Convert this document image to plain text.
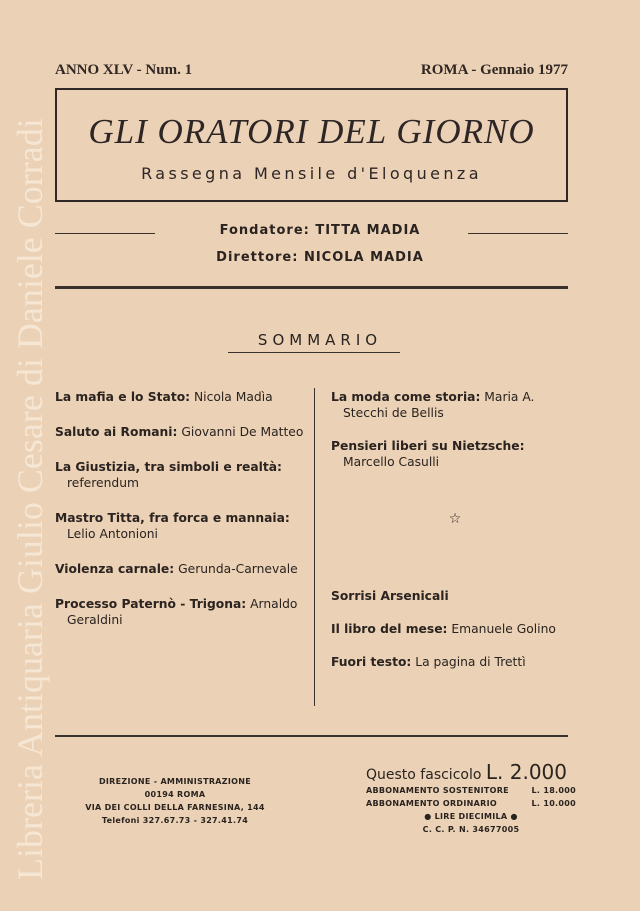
Libreria Antiquaria Giulio Cesare di Daniele Corradi
ANNO XLV - Num. 1	ROMA - Gennaio 1977
GLI ORATORI DEL GIORNO
Rassegna Mensile d'Eloquenza
Fondatore: TITTA MADIA
Direttore: NICOLA MADIA
SOMMARIO
La mafia e lo Stato: Nicola Madìa
Saluto ai Romani: Giovanni De Matteo
La Giustizia, tra simboli e realtà: referendum
Mastro Titta, fra forca e mannaia: Lelio Antonioni
Violenza carnale: Gerunda-Carnevale
Processo Paternò - Trigona: Arnaldo Geraldini
La moda come storia: Maria A. Stecchi de Bellis
Pensieri liberi su Nietzsche: Marcello Casulli
☆
Sorrisi Arsenicali
Il libro del mese: Emanuele Golino
Fuori testo: La pagina di Trettì
DIREZIONE - AMMINISTRAZIONE
00194 ROMA
VIA DEI COLLI DELLA FARNESINA, 144
Telefoni 327.67.73 - 327.41.74
Questo fascicolo L. 2.000
ABBONAMENTO SOSTENITORE	L. 18.000
ABBONAMENTO ORDINARIO	L. 10.000
● LIRE DIECIMILA ●
C. C. P. N. 34677005
